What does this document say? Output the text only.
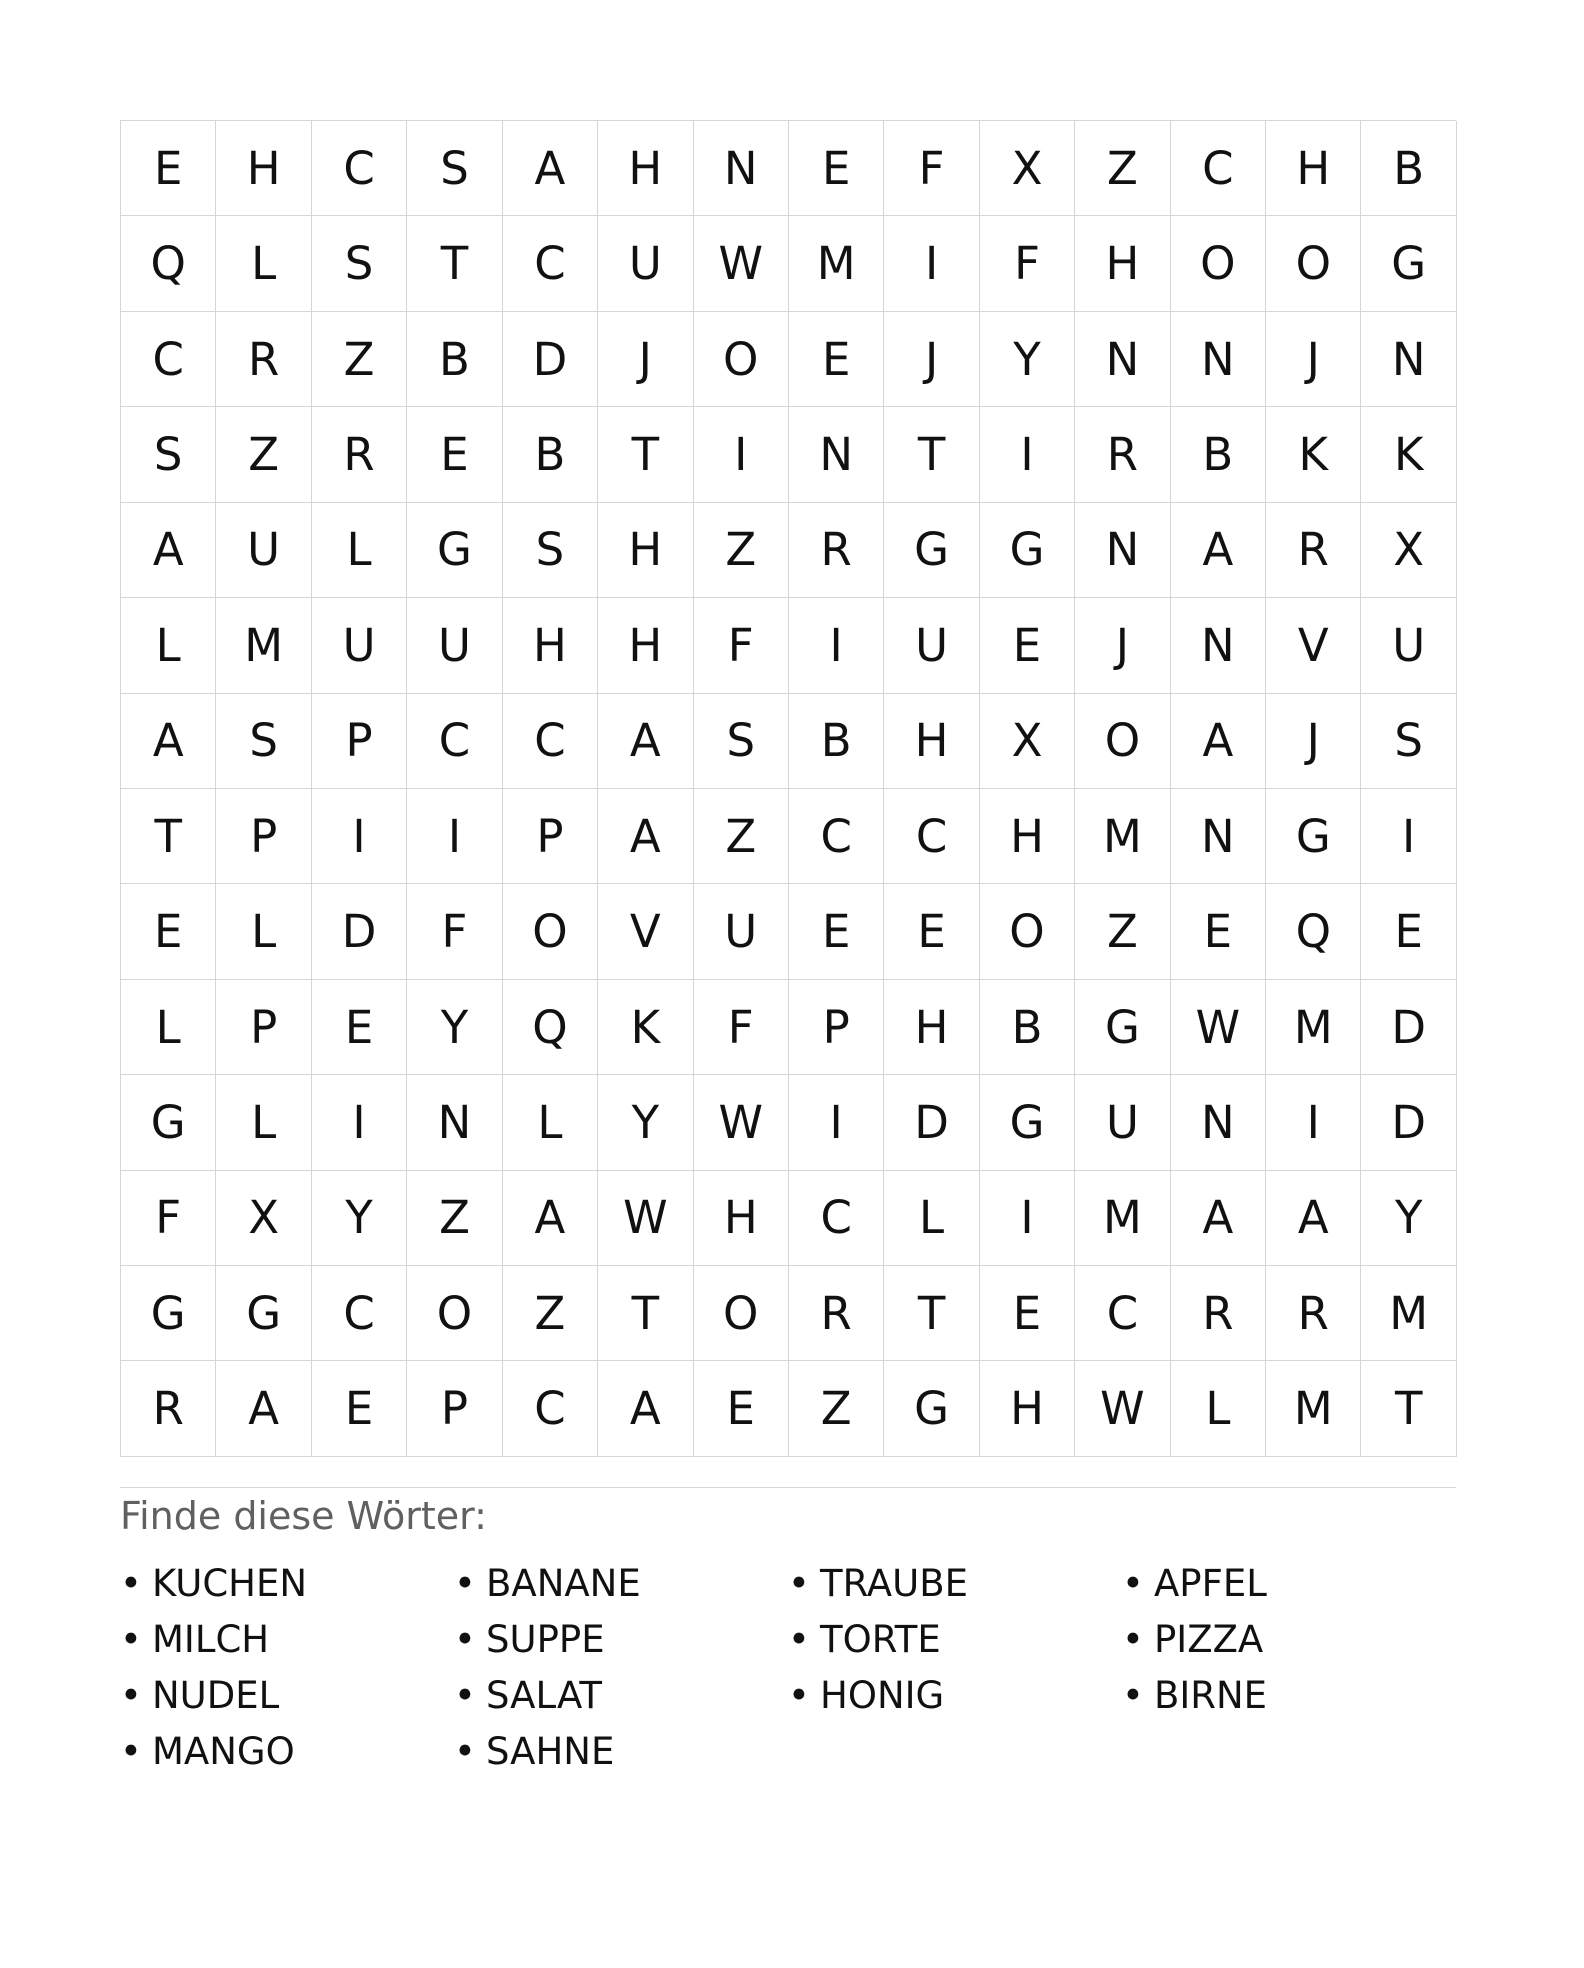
E	H	C	S	A	H	N	E	F	X	Z	C	H	B
Q	L	S	T	C	U	W	M	I	F	H	O	O	G
C	R	Z	B	D	J	O	E	J	Y	N	N	J	N
S	Z	R	E	B	T	I	N	T	I	R	B	K	K
A	U	L	G	S	H	Z	R	G	G	N	A	R	X
L	M	U	U	H	H	F	I	U	E	J	N	V	U
A	S	P	C	C	A	S	B	H	X	O	A	J	S
T	P	I	I	P	A	Z	C	C	H	M	N	G	I
E	L	D	F	O	V	U	E	E	O	Z	E	Q	E
L	P	E	Y	Q	K	F	P	H	B	G	W	M	D
G	L	I	N	L	Y	W	I	D	G	U	N	I	D
F	X	Y	Z	A	W	H	C	L	I	M	A	A	Y
G	G	C	O	Z	T	O	R	T	E	C	R	R	M
R	A	E	P	C	A	E	Z	G	H	W	L	M	T
Finde diese Wörter:
• KUCHEN	• BANANE	• TRAUBE	• APFEL
• MILCH	• SUPPE	• TORTE	• PIZZA
• NUDEL	• SALAT	• HONIG	• BIRNE
• MANGO	• SAHNE
